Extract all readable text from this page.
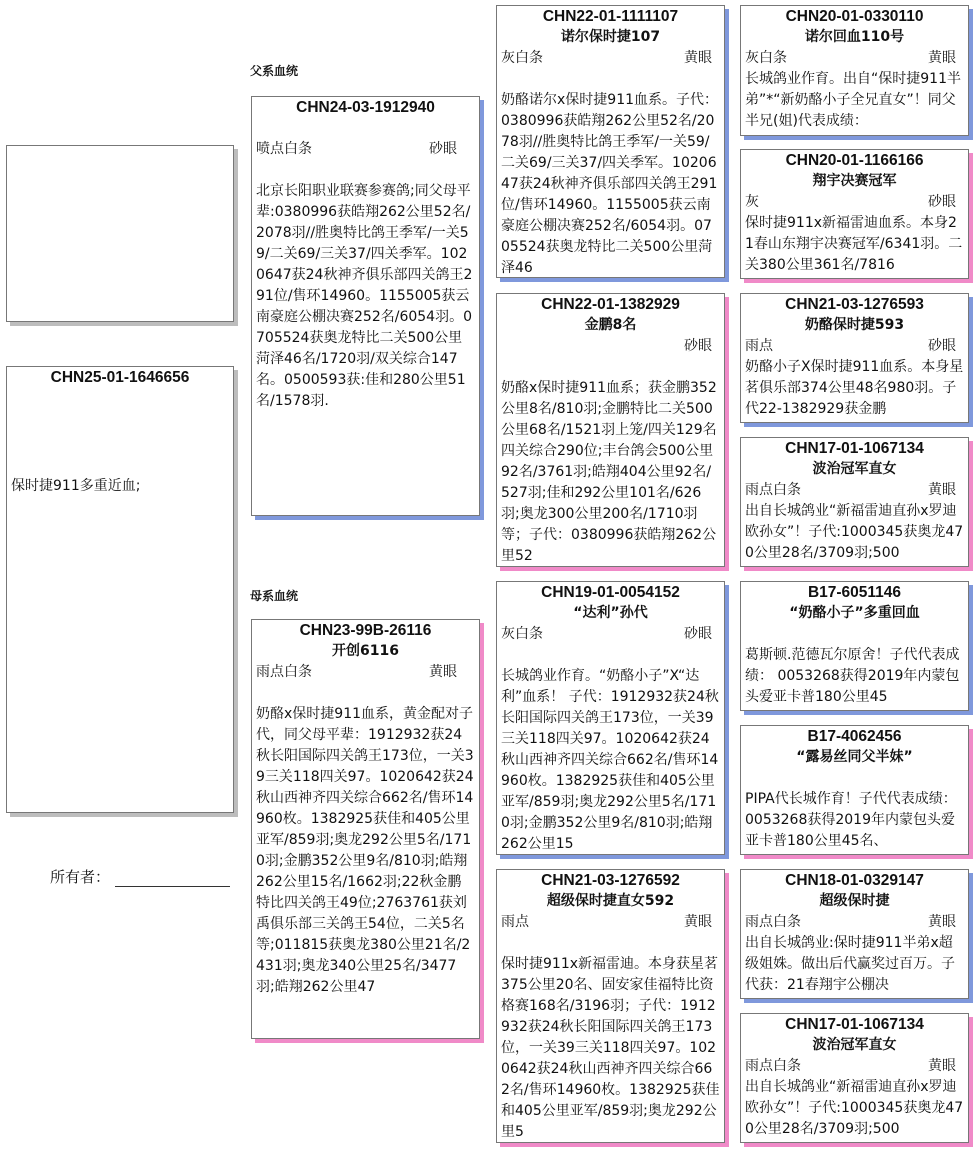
父系血统
母系血统
CHN25-01-1646656
保时捷911多重近血;
所有者：
CHN24-03-1912940
喷点白条	砂眼
北京长阳职业联赛参赛鸽;同父母平辈:0380996获皓翔262公里52名/2078羽//胜奥特比鸽王季军/一关59/二关69/三关37/四关季军。1020647获24秋神齐俱乐部四关鸽王291位/售环14960。1155005获云南豪庭公棚决赛252名/6054羽。0705524获奥龙特比二关500公里菏泽46名/1720羽/双关综合147名。0500593获:佳和280公里51名/1578羽.
CHN23-99B-26116
开创6116
雨点白条	黄眼
奶酪x保时捷911血系，黄金配对子代，同父母平辈：1912932获24秋长阳国际四关鸽王173位，一关39三关118四关97。1020642获24秋山西神齐四关综合662名/售环14960枚。1382925获佳和405公里亚军/859羽;奥龙292公里5名/1710羽;金鹏352公里9名/810羽;皓翔262公里15名/1662羽;22秋金鹏特比四关鸽王49位;2763761获刘禹俱乐部三关鸽王54位，二关5名等;011815获奥龙380公里21名/2431羽;奥龙340公里25名/3477羽;皓翔262公里47
CHN22-01-1111107
诺尔保时捷107
灰白条	黄眼
奶酪诺尔x保时捷911血系。子代：0380996获皓翔262公里52名/2078羽//胜奥特比鸽王季军/一关59/二关69/三关37/四关季军。1020647获24秋神齐俱乐部四关鸽王291位/售环14960。1155005获云南豪庭公棚决赛252名/6054羽。0705524获奥龙特比二关500公里菏泽46
CHN22-01-1382929
金鹏8名
砂眼
奶酪x保时捷911血系；获金鹏352公里8名/810羽;金鹏特比二关500公里68名/1521羽上笼/四关129名四关综合290位;丰台鸽会500公里92名/3761羽;皓翔404公里92名/527羽;佳和292公里101名/626羽;奥龙300公里200名/1710羽等；子代：0380996获皓翔262公里52
CHN19-01-0054152
“达利”孙代
灰白条	砂眼
长城鸽业作育。“奶酪小子”X“达利”血系！ 子代：1912932获24秋长阳国际四关鸽王173位，一关39三关118四关97。1020642获24秋山西神齐四关综合662名/售环14960枚。1382925获佳和405公里亚军/859羽;奥龙292公里5名/1710羽;金鹏352公里9名/810羽;皓翔262公里15
CHN21-03-1276592
超级保时捷直女592
雨点	黄眼
保时捷911x新福雷迪。本身获星茗375公里20名、固安家佳福特比资格赛168名/3196羽；子代：1912932获24秋长阳国际四关鸽王173位，一关39三关118四关97。1020642获24秋山西神齐四关综合662名/售环14960枚。1382925获佳和405公里亚军/859羽;奥龙292公里5
CHN20-01-0330110
诺尔回血110号
灰白条	黄眼
长城鸽业作育。出自“保时捷911半弟”*“新奶酪小子全兄直女”！同父半兄(姐)代表成绩：
CHN20-01-1166166
翔宇决赛冠军
灰	砂眼
保时捷911x新福雷迪血系。本身21春山东翔宇决赛冠军/6341羽。二关380公里361名/7816
CHN21-03-1276593
奶酪保时捷593
雨点	砂眼
奶酪小子X保时捷911血系。本身星茗俱乐部374公里48名980羽。子代22-1382929获金鹏
CHN17-01-1067134
波治冠军直女
雨点白条	黄眼
出自长城鸽业“新福雷迪直孙x罗迪欧孙女”！子代:1000345获奥龙470公里28名/3709羽;500
B17-6051146
“奶酪小子”多重回血
葛斯顿.范德瓦尔原舍！子代代表成绩： 0053268获得2019年内蒙包头爱亚卡普180公里45
B17-4062456
“露易丝同父半妹”
PIPA代长城作育！子代代表成绩： 0053268获得2019年内蒙包头爱亚卡普180公里45名、
CHN18-01-0329147
超级保时捷
雨点白条	黄眼
出自长城鸽业:保时捷911半弟x超级姐姝。做出后代赢奖过百万。子代获：21春翔宇公棚决
CHN17-01-1067134
波治冠军直女
雨点白条	黄眼
出自长城鸽业“新福雷迪直孙x罗迪欧孙女”！子代:1000345获奥龙470公里28名/3709羽;500
